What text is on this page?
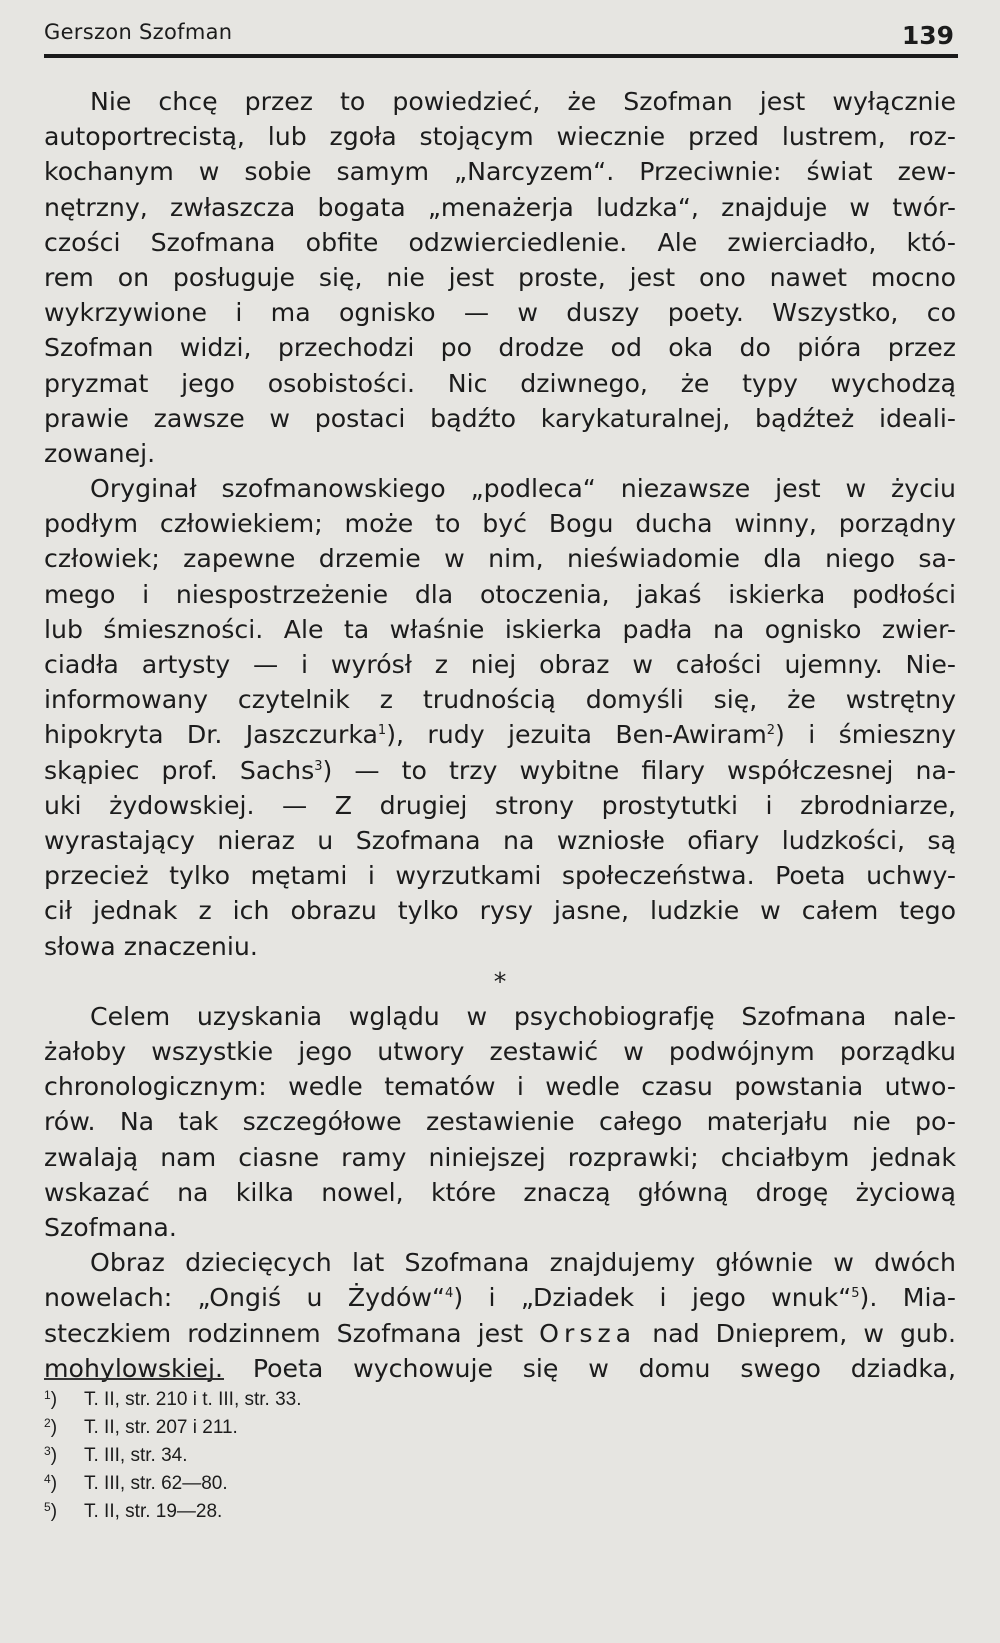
Gerszon Szofman	139
Nie chcę przez to powiedzieć, że Szofman jest wyłącznie
autoportrecistą, lub zgoła stojącym wiecznie przed lustrem, roz-
kochanym w sobie samym „Narcyzem“. Przeciwnie: świat zew-
nętrzny, zwłaszcza bogata „menażerja ludzka“, znajduje w twór-
czości Szofmana obfite odzwierciedlenie. Ale zwierciadło, któ-
rem on posługuje się, nie jest proste, jest ono nawet mocno
wykrzywione i ma ognisko — w duszy poety. Wszystko, co
Szofman widzi, przechodzi po drodze od oka do pióra przez
pryzmat jego osobistości. Nic dziwnego, że typy wychodzą
prawie zawsze w postaci bądźto karykaturalnej, bądźteż ideali-
zowanej.
Oryginał szofmanowskiego „podleca“ niezawsze jest w życiu
podłym człowiekiem; może to być Bogu ducha winny, porządny
człowiek; zapewne drzemie w nim, nieświadomie dla niego sa-
mego i niespostrzeżenie dla otoczenia, jakaś iskierka podłości
lub śmieszności. Ale ta właśnie iskierka padła na ognisko zwier-
ciadła artysty — i wyrósł z niej obraz w całości ujemny. Nie-
informowany czytelnik z trudnością domyśli się, że wstrętny
hipokryta Dr. Jaszczurka$^1$), rudy jezuita Ben-Awiram$^2$) i śmieszny
skąpiec prof. Sachs$^3$) — to trzy wybitne filary współczesnej na-
uki żydowskiej. — Z drugiej strony prostytutki i zbrodniarze,
wyrastający nieraz u Szofmana na wzniosłe ofiary ludzkości, są
przecież tylko mętami i wyrzutkami społeczeństwa. Poeta uchwy-
cił jednak z ich obrazu tylko rysy jasne, ludzkie w całem tego
słowa znaczeniu.
*
Celem uzyskania wglądu w psychobiografję Szofmana nale-
żałoby wszystkie jego utwory zestawić w podwójnym porządku
chronologicznym: wedle tematów i wedle czasu powstania utwo-
rów. Na tak szczegółowe zestawienie całego materjału nie po-
zwalają nam ciasne ramy niniejszej rozprawki; chciałbym jednak
wskazać na kilka nowel, które znaczą główną drogę życiową
Szofmana.
Obraz dziecięcych lat Szofmana znajdujemy głównie w dwóch
nowelach: „Ongiś u Żydów“$^4$) i „Dziadek i jego wnuk“$^5$). Mia-
steczkiem rodzinnem Szofmana jest Orsza nad Dnieprem, w gub.
mohylowskiej. Poeta wychowuje się w domu swego dziadka,
$^1$) T. II, str. 210 i t. III, str. 33.
$^2$) T. II, str. 207 i 211.
$^3$) T. III, str. 34.
$^4$) T. III, str. 62—80.
$^5$) T. II, str. 19—28.
